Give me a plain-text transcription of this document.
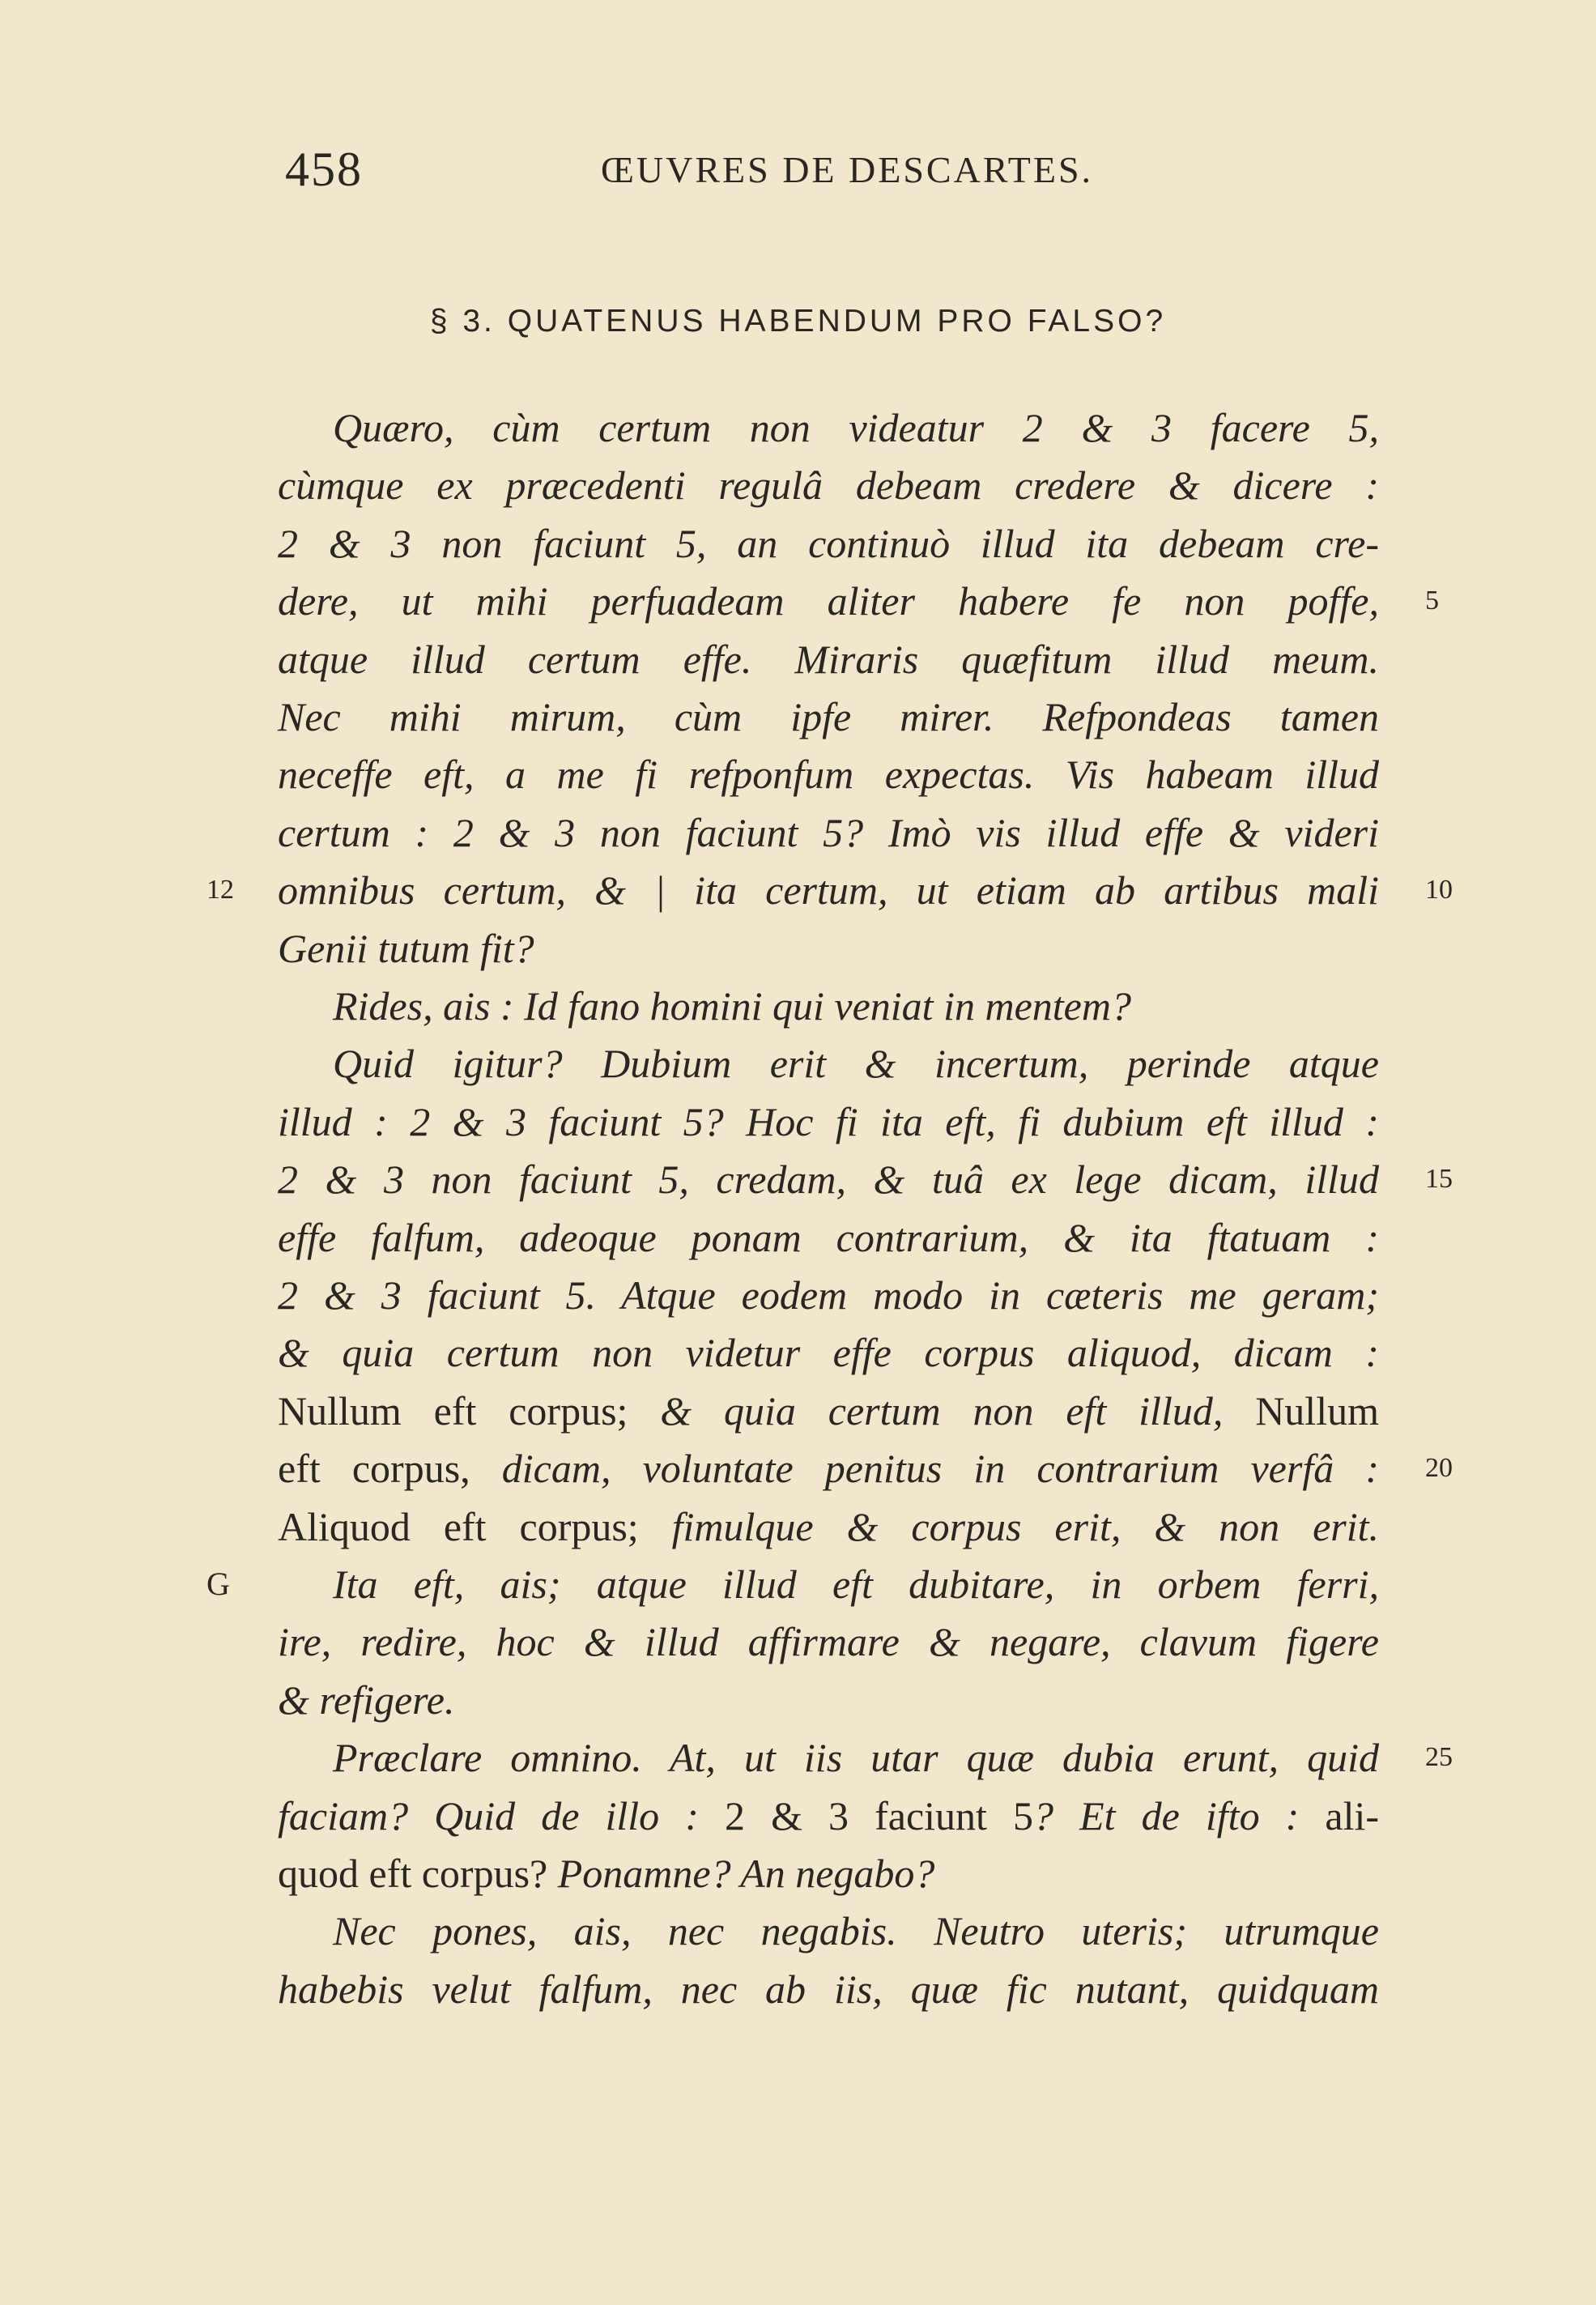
458	ŒUVRES DE DESCARTES.
§ 3. QUATENUS HABENDUM PRO FALSO?
Quæro, cùm certum non videatur 2 & 3 facere 5,
cùmque ex præcedenti regulâ debeam credere & dicere :
2 & 3 non faciunt 5, an continuò illud ita debeam cre-
dere, ut mihi perfuadeam aliter habere fe non poffe,
atque illud certum effe. Miraris quæfitum illud meum.
Nec mihi mirum, cùm ipfe mirer. Refpondeas tamen
neceffe eft, a me fi refponfum expectas. Vis habeam illud
certum : 2 & 3 non faciunt 5? Imò vis illud effe & videri
omnibus certum, & | ita certum, ut etiam ab artibus mali
Genii tutum fit?
Rides, ais : Id fano homini qui veniat in mentem?
Quid igitur? Dubium erit & incertum, perinde atque
illud : 2 & 3 faciunt 5? Hoc fi ita eft, fi dubium eft illud :
2 & 3 non faciunt 5, credam, & tuâ ex lege dicam, illud
effe falfum, adeoque ponam contrarium, & ita ftatuam :
2 & 3 faciunt 5. Atque eodem modo in cæteris me geram;
& quia certum non videtur effe corpus aliquod, dicam :
Nullum eft corpus; & quia certum non eft illud, Nullum
eft corpus, dicam, voluntate penitus in contrarium verfâ :
Aliquod eft corpus; fimulque & corpus erit, & non erit.
Ita eft, ais; atque illud eft dubitare, in orbem ferri,
ire, redire, hoc & illud affirmare & negare, clavum figere
& refigere.
Præclare omnino. At, ut iis utar quæ dubia erunt, quid
faciam? Quid de illo : 2 & 3 faciunt 5? Et de ifto : ali-
quod eft corpus? Ponamne? An negabo?
Nec pones, ais, nec negabis. Neutro uteris; utrumque
habebis velut falfum, nec ab iis, quæ fic nutant, quidquam
5
10
15
20
25
12
G
